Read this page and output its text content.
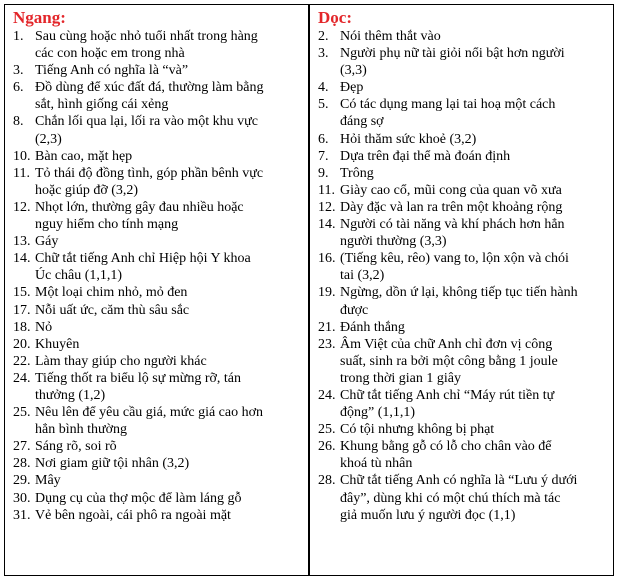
Ngang:
1. Sau cùng hoặc nhỏ tuổi nhất trong hàng
các con hoặc em trong nhà
3. Tiếng Anh có nghĩa là “và”
6. Đồ dùng để xúc đất đá, thường làm bằng
sắt, hình giống cái xẻng
8. Chắn lối qua lại, lối ra vào một khu vực
(2,3)
10. Bàn cao, mặt hẹp
11. Tỏ thái độ đồng tình, góp phần bênh vực
hoặc giúp đỡ (3,2)
12. Nhọt lớn, thường gây đau nhiều hoặc
nguy hiểm cho tính mạng
13. Gáy
14. Chữ tắt tiếng Anh chỉ Hiệp hội Y khoa
Úc châu (1,1,1)
15. Một loại chim nhỏ, mỏ đen
17. Nỗi uất ức, căm thù sâu sắc
18. Nỏ
20. Khuyên
22. Làm thay giúp cho người khác
24. Tiếng thốt ra biểu lộ sự mừng rỡ, tán
thưởng (1,2)
25. Nêu lên để yêu cầu giá, mức giá cao hơn
hẳn bình thường
27. Sáng rõ, soi rõ
28. Nơi giam giữ tội nhân (3,2)
29. Mây
30. Dụng cụ của thợ mộc để làm láng gỗ
31. Vẻ bên ngoài, cái phô ra ngoài mặt
Dọc:
2. Nói thêm thắt vào
3. Người phụ nữ tài giỏi nổi bật hơn người
(3,3)
4. Đẹp
5. Có tác dụng mang lại tai hoạ một cách
đáng sợ
6. Hỏi thăm sức khoẻ (3,2)
7. Dựa trên đại thể mà đoán định
9. Trông
11. Giày cao cổ, mũi cong của quan võ xưa
12. Dày đặc và lan ra trên một khoảng rộng
14. Người có tài năng và khí phách hơn hẳn
người thường (3,3)
16. (Tiếng kêu, rêo) vang to, lộn xộn và chói
tai (3,2)
19. Ngừng, dồn ứ lại, không tiếp tục tiến hành
được
21. Đánh thắng
23. Âm Việt của chữ Anh chỉ đơn vị công
suất, sinh ra bởi một công bằng 1 joule
trong thời gian 1 giây
24. Chữ tắt tiếng Anh chỉ “Máy rút tiền tự
động” (1,1,1)
25. Có tội nhưng không bị phạt
26. Khung bằng gỗ có lỗ cho chân vào để
khoá tù nhân
28. Chữ tắt tiếng Anh có nghĩa là “Lưu ý dưới
đây”, dùng khi có một chú thích mà tác
giả muốn lưu ý người đọc (1,1)
